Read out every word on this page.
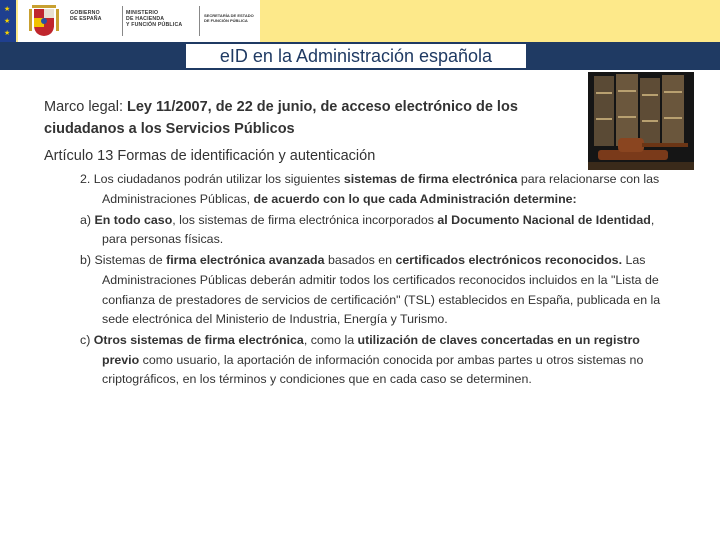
★
★
★
GOBIERNO
DE ESPAÑA
MINISTERIO
DE HACIENDA
Y FUNCIÓN PÚBLICA
SECRETARÍA DE ESTADO
DE FUNCIÓN PÚBLICA
eID en la Administración española
Marco legal: Ley 11/2007, de 22 de junio, de acceso electrónico de los ciudadanos a los Servicios Públicos
Artículo 13 Formas de identificación y autenticación
2. Los ciudadanos podrán utilizar los siguientes sistemas de firma electrónica para relacionarse con las Administraciones Públicas, de acuerdo con lo que cada Administración determine:
a) En todo caso, los sistemas de firma electrónica incorporados al Documento Nacional de Identidad, para personas físicas.
b) Sistemas de firma electrónica avanzada basados en certificados electrónicos reconocidos. Las Administraciones Públicas deberán admitir todos los certificados reconocidos incluidos en la "Lista de confianza de prestadores de servicios de certificación" (TSL) establecidos en España, publicada en la sede electrónica del Ministerio de Industria, Energía y Turismo.
c) Otros sistemas de firma electrónica, como la utilización de claves concertadas en un registro previo como usuario, la aportación de información conocida por ambas partes u otros sistemas no criptográficos, en los términos y condiciones que en cada caso se determinen.
